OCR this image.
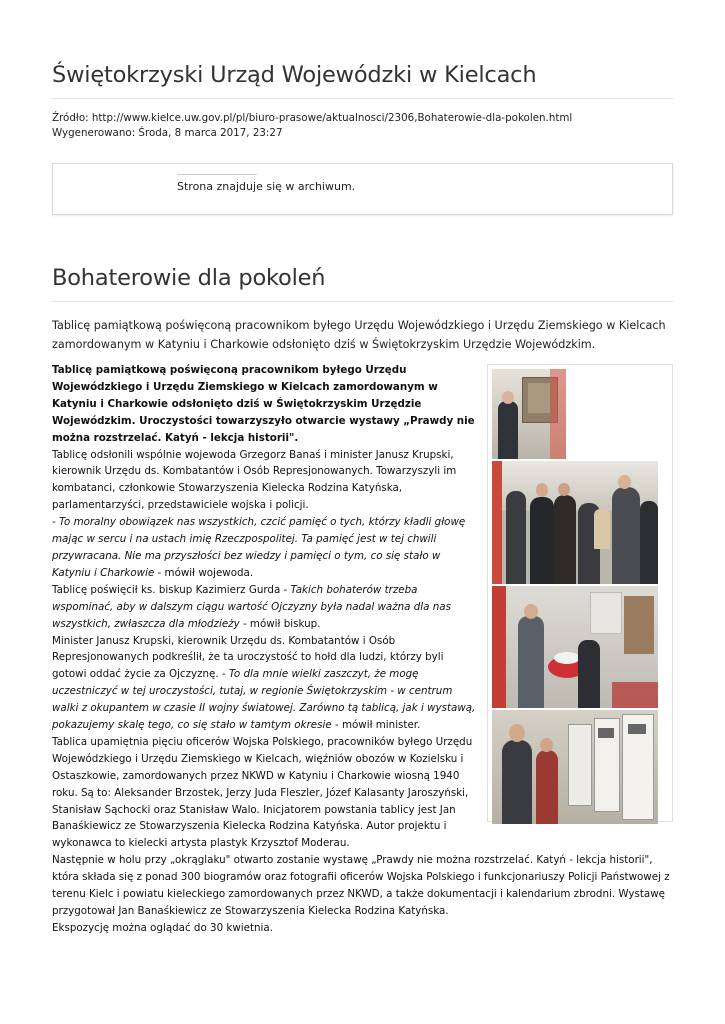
Świętokrzyski Urząd Wojewódzki w Kielcach
Źródło: http://www.kielce.uw.gov.pl/pl/biuro-prasowe/aktualnosci/2306,Bohaterowie-dla-pokolen.html
Wygenerowano: Środa, 8 marca 2017, 23:27
Strona znajduje się w archiwum.
Bohaterowie dla pokoleń
Tablicę pamiątkową poświęconą pracownikom byłego Urzędu Wojewódzkiego i Urzędu Ziemskiego w Kielcach zamordowanym w Katyniu i Charkowie odsłonięto dziś w Świętokrzyskim Urzędzie Wojewódzkim.

Tablicę pamiątkową poświęconą pracownikom byłego Urzędu Wojewódzkiego i Urzędu Ziemskiego w Kielcach zamordowanym w Katyniu i Charkowie odsłonięto dziś w Świętokrzyskim Urzędzie Wojewódzkim. Uroczystości towarzyszyło otwarcie wystawy „Prawdy nie można rozstrzelać. Katyń - lekcja historii".

Tablicę odsłonili wspólnie wojewoda Grzegorz Banaś i minister Janusz Krupski, kierownik Urzędu ds. Kombatantów i Osób Represjonowanych. Towarzyszyli im kombatanci, członkowie Stowarzyszenia Kielecka Rodzina Katyńska, parlamentarzyści, przedstawiciele wojska i policji.

- To moralny obowiązek nas wszystkich, czcić pamięć o tych, którzy kładli głowę mając w sercu i na ustach imię Rzeczpospolitej. Ta pamięć jest w tej chwili przywracana. Nie ma przyszłości bez wiedzy i pamięci o tym, co się stało w Katyniu i Charkowie - mówił wojewoda.

Tablicę poświęcił ks. biskup Kazimierz Gurda - Takich bohaterów trzeba wspominać, aby w dalszym ciągu wartość Ojczyzny była nadal ważna dla nas wszystkich, zwłaszcza dla młodzieży - mówił biskup.

Minister Janusz Krupski, kierownik Urzędu ds. Kombatantów i Osób Represjonowanych podkreślił, że ta uroczystość to hołd dla ludzi, którzy byli gotowi oddać życie za Ojczyznę. - To dla mnie wielki zaszczyt, że mogę uczestniczyć w tej uroczystości, tutaj, w regionie Świętokrzyskim - w centrum walki z okupantem w czasie II wojny światowej. Zarówno tą tablicą, jak i wystawą, pokazujemy skalę tego, co się stało w tamtym okresie - mówił minister.

Tablica upamiętnia pięciu oficerów Wojska Polskiego, pracowników byłego Urzędu Wojewódzkiego i Urzędu Ziemskiego w Kielcach, więźniów obozów w Kozielsku i Ostaszkowie, zamordowanych przez NKWD w Katyniu i Charkowie wiosną 1940 roku. Są to: Aleksander Brzostek, Jerzy Juda Fleszler, Józef Kalasanty Jaroszyński, Stanisław Sąchocki oraz Stanisław Walo. Inicjatorem powstania tablicy jest Jan Banaśkiewicz ze Stowarzyszenia Kielecka Rodzina Katyńska. Autor projektu i wykonawca to kielecki artysta plastyk Krzysztof Moderau.

Następnie w holu przy „okrąglaku" otwarto zostanie wystawę „Prawdy nie można rozstrzelać. Katyń - lekcja historii", która składa się z ponad 300 biogramów oraz fotografii oficerów Wojska Polskiego i funkcjonariuszy Policji Państwowej z terenu Kielc i powiatu kieleckiego zamordowanych przez NKWD, a także dokumentacji i kalendarium zbrodni. Wystawę przygotował Jan Banaśkiewicz ze Stowarzyszenia Kielecka Rodzina Katyńska.

Ekspozycję można oglądać do 30 kwietnia.
